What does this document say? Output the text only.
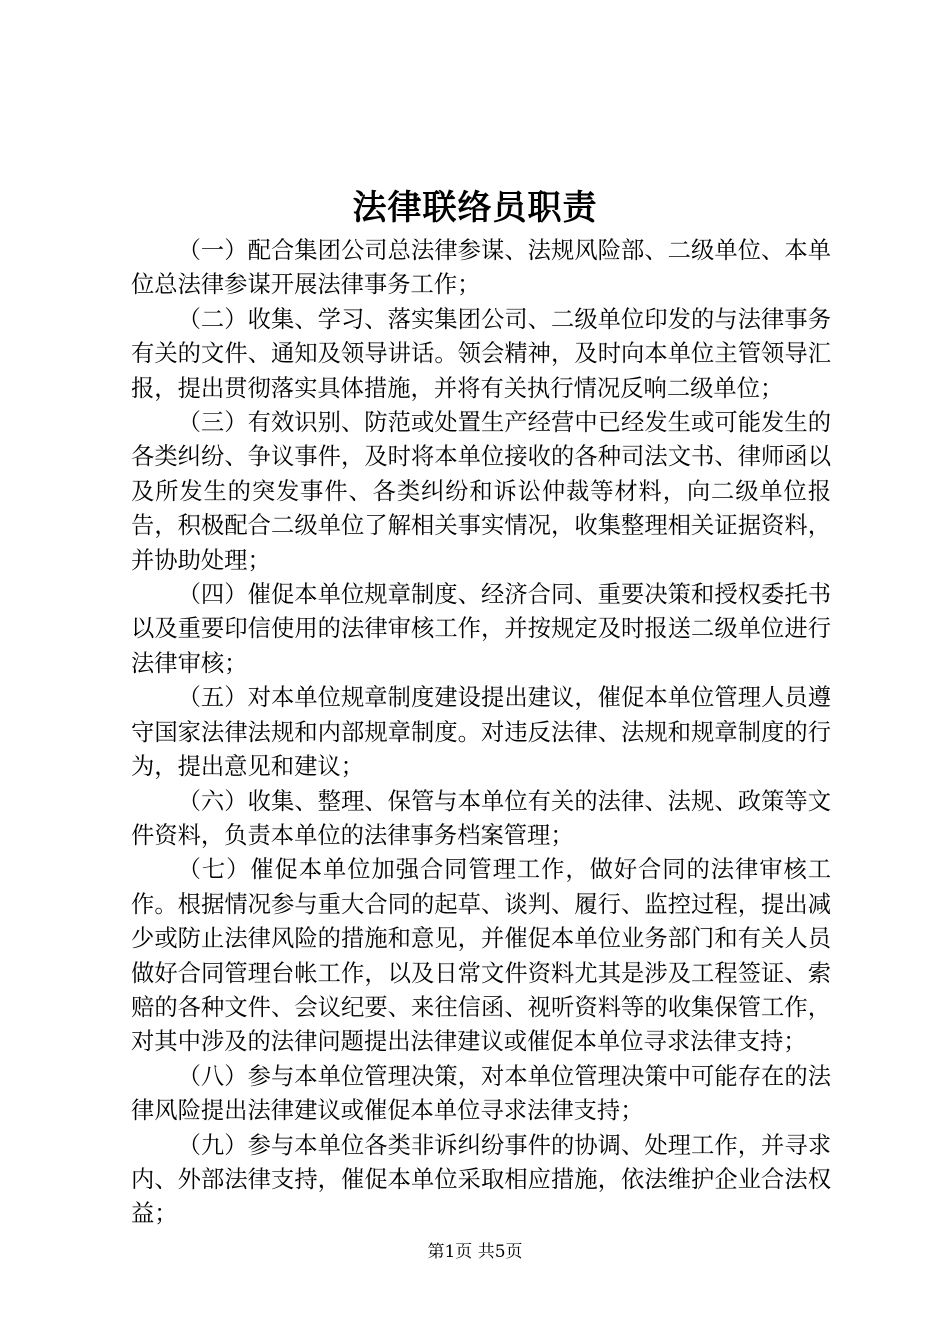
法律联络员职责

（一）配合集团公司总法律参谋、法规风险部、二级单位、本单位总法律参谋开展法律事务工作；

（二）收集、学习、落实集团公司、二级单位印发的与法律事务有关的文件、通知及领导讲话。领会精神，及时向本单位主管领导汇报，提出贯彻落实具体措施，并将有关执行情况反响二级单位；

（三）有效识别、防范或处置生产经营中已经发生或可能发生的各类纠纷、争议事件，及时将本单位接收的各种司法文书、律师函以及所发生的突发事件、各类纠纷和诉讼仲裁等材料，向二级单位报告，积极配合二级单位了解相关事实情况，收集整理相关证据资料，并协助处理；

（四）催促本单位规章制度、经济合同、重要决策和授权委托书以及重要印信使用的法律审核工作，并按规定及时报送二级单位进行法律审核；

（五）对本单位规章制度建设提出建议，催促本单位管理人员遵守国家法律法规和内部规章制度。对违反法律、法规和规章制度的行为，提出意见和建议；

（六）收集、整理、保管与本单位有关的法律、法规、政策等文件资料，负责本单位的法律事务档案管理；

（七）催促本单位加强合同管理工作，做好合同的法律审核工作。根据情况参与重大合同的起草、谈判、履行、监控过程，提出减少或防止法律风险的措施和意见，并催促本单位业务部门和有关人员做好合同管理台帐工作，以及日常文件资料尤其是涉及工程签证、索赔的各种文件、会议纪要、来往信函、视听资料等的收集保管工作，对其中涉及的法律问题提出法律建议或催促本单位寻求法律支持；

（八）参与本单位管理决策，对本单位管理决策中可能存在的法律风险提出法律建议或催促本单位寻求法律支持；

（九）参与本单位各类非诉纠纷事件的协调、处理工作，并寻求内、外部法律支持，催促本单位采取相应措施，依法维护企业合法权益；

第1页 共5页
